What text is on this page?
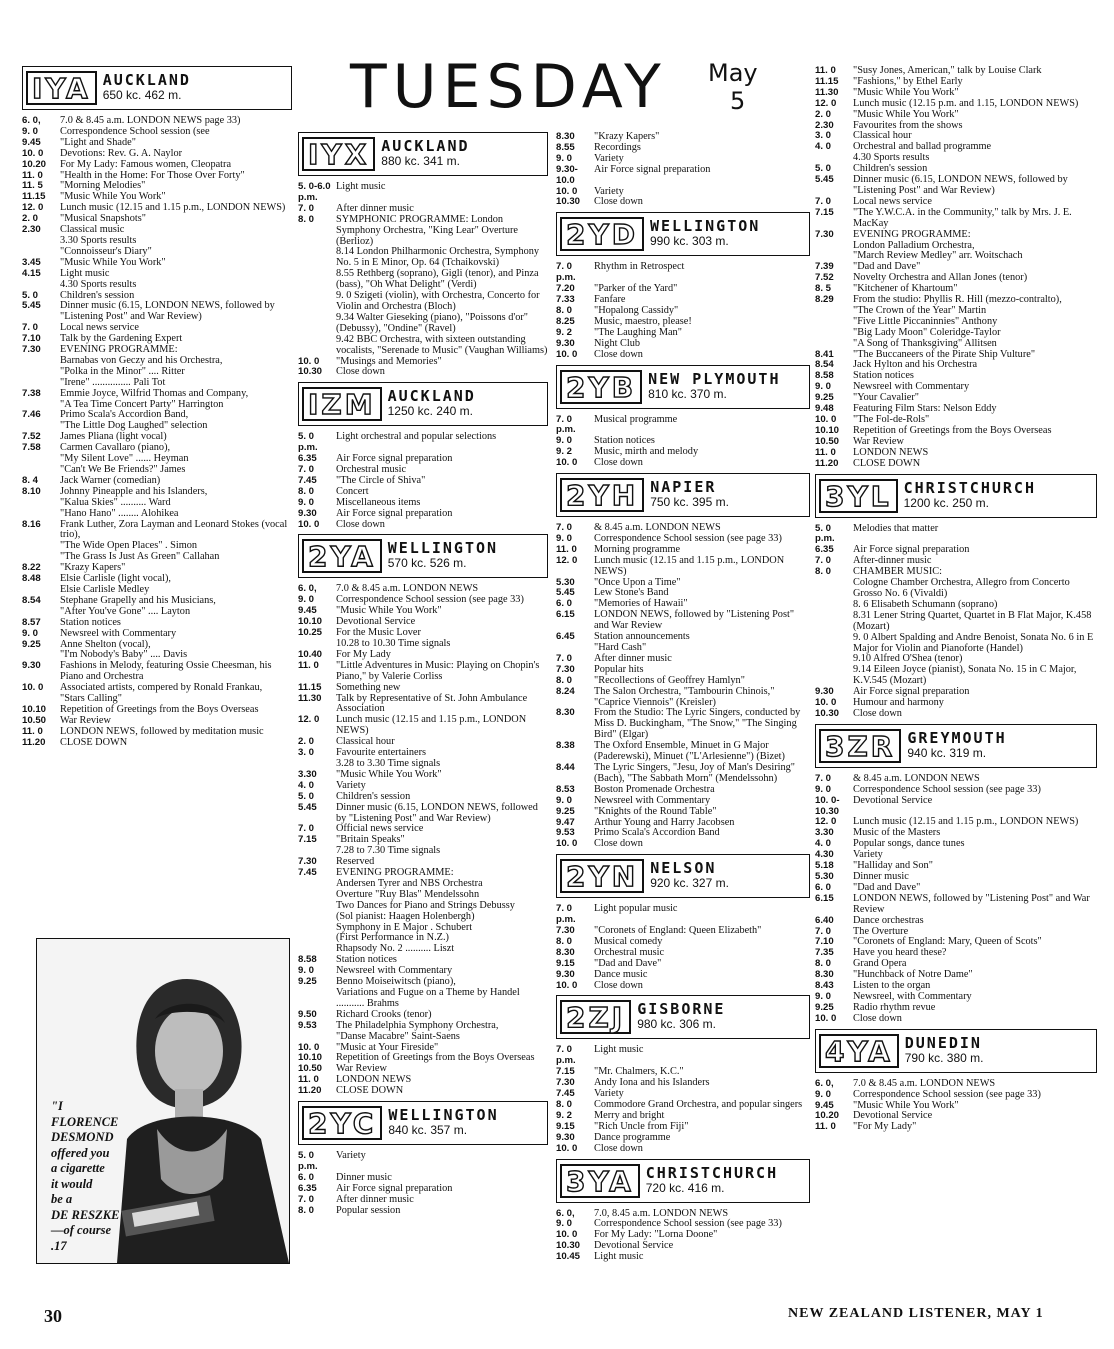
TUESDAY May
5
IYA AUCKLAND
650 kc. 462 m.
6. 0,	7.0 & 8.45 a.m. LONDON NEWS page 33)
9. 0	Correspondence School session (see
9.45	"Light and Shade"
10. 0	Devotions: Rev. G. A. Naylor
10.20	For My Lady: Famous women, Cleopatra
11. 0	"Health in the Home: For Those Over Forty"
11. 5	"Morning Melodies"
11.15	"Music While You Work"
12. 0	Lunch music (12.15 and 1.15 p.m., LONDON NEWS)
2. 0	"Musical Snapshots"
2.30	Classical music
3.30 Sports results
"Connoisseur's Diary"
3.45	"Music While You Work"
4.15	Light music
4.30 Sports results
5. 0	Children's session
5.45	Dinner music (6.15, LONDON NEWS, followed by "Listening Post" and War Review)
7. 0	Local news service
7.10	Talk by the Gardening Expert
7.30	EVENING PROGRAMME:
Barnabas von Geczy and his Orchestra,
"Polka in the Minor" .... Ritter
"Irene" ............... Pali Tot
7.38	Emmie Joyce, Wilfrid Thomas and Company,
"A Tea Time Concert Party" Harrington
7.46	Primo Scala's Accordion Band,
"The Little Dog Laughed" selection
7.52	James Pliana (light vocal)
7.58	Carmen Cavallaro (piano),
"My Silent Love" ...... Heyman
"Can't We Be Friends?" James
8. 4	Jack Warner (comedian)
8.10	Johnny Pineapple and his Islanders,
"Kalua Skies" .......... Ward
"Hano Hano" ........ Alohikea
8.16	Frank Luther, Zora Layman and Leonard Stokes (vocal trio),
"The Wide Open Places" . Simon
"The Grass Is Just As Green" Callahan
8.22	"Krazy Kapers"
8.48	Elsie Carlisle (light vocal),
Elsie Carlisle Medley
8.54	Stephane Grapelly and his Musicians,
"After You've Gone" .... Layton
8.57	Station notices
9. 0	Newsreel with Commentary
9.25	Anne Shelton (vocal),
"I'm Nobody's Baby" .... Davis
9.30	Fashions in Melody, featuring Ossie Cheesman, his Piano and Orchestra
10. 0	Associated artists, compered by Ronald Frankau,
"Stars Calling"
10.10	Repetition of Greetings from the Boys Overseas
10.50	War Review
11. 0	LONDON NEWS, followed by meditation music
11.20	CLOSE DOWN
IYX AUCKLAND
880 kc. 341 m.
5. 0-6.0 p.m.
Light music
7. 0	After dinner music
8. 0	SYMPHONIC PROGRAMME: London Symphony Orchestra, "King Lear" Overture (Berlioz)
8.14 London Philharmonic Orchestra, Symphony No. 5 in E Minor, Op. 64 (Tchaikovski)
8.55 Rethberg (soprano), Gigli (tenor), and Pinza (bass), "Oh What Delight" (Verdi)
9. 0 Szigeti (violin), with Orchestra, Concerto for Violin and Orchestra (Bloch)
9.34 Walter Gieseking (piano), "Poissons d'or" (Debussy), "Ondine" (Ravel)
9.42 BBC Orchestra, with sixteen outstanding vocalists, "Serenade to Music" (Vaughan Williams)
10. 0	"Musings and Memories"
10.30	Close down
IZM AUCKLAND
1250 kc. 240 m.
5. 0 p.m.
Light orchestral and popular selections
6.35	Air Force signal preparation
7. 0	Orchestral music
7.45	"The Circle of Shiva"
8. 0	Concert
9. 0	Miscellaneous items
9.30	Air Force signal preparation
10. 0	Close down
2YA WELLINGTON
570 kc. 526 m.
6. 0,	7.0 & 8.45 a.m. LONDON NEWS
9. 0	Correspondence School session (see page 33)
9.45	"Music While You Work"
10.10	Devotional Service
10.25	For the Music Lover
10.28 to 10.30 Time signals
10.40	For My Lady
11. 0	"Little Adventures in Music: Playing on Chopin's Piano," by Valerie Corliss
11.15	Something new
11.30	Talk by Representative of St. John Ambulance Association
12. 0	Lunch music (12.15 and 1.15 p.m., LONDON NEWS)
2. 0	Classical hour
3. 0	Favourite entertainers
3.28 to 3.30 Time signals
3.30	"Music While You Work"
4. 0	Variety
5. 0	Children's session
5.45	Dinner music (6.15, LONDON NEWS, followed by "Listening Post" and War Review)
7. 0	Official news service
7.15	"Britain Speaks"
7.28 to 7.30 Time signals
7.30	Reserved
7.45	EVENING PROGRAMME:
Andersen Tyrer and NBS Orchestra
Overture "Ruy Blas" Mendelssohn
Two Dances for Piano and Strings Debussy
(Sol pianist: Haagen Holenbergh)
Symphony in E Major . Schubert
(First Performance in N.Z.)
Rhapsody No. 2 .......... Liszt
8.58	Station notices
9. 0	Newsreel with Commentary
9.25	Benno Moiseiwitsch (piano),
Variations and Fugue on a Theme by Handel ........... Brahms
9.50	Richard Crooks (tenor)
9.53	The Philadelphia Symphony Orchestra,
"Danse Macabre" Saint-Saens
10. 0	"Music at Your Fireside"
10.10	Repetition of Greetings from the Boys Overseas
10.50	War Review
11. 0	LONDON NEWS
11.20	CLOSE DOWN
2YC WELLINGTON
840 kc. 357 m.
5. 0 p.m.
Variety
6. 0	Dinner music
6.35	Air Force signal preparation
7. 0	After dinner music
8. 0	Popular session
8.30	"Krazy Kapers"
8.55	Recordings
9. 0	Variety
9.30-10.0
Air Force signal preparation
10. 0	Variety
10.30	Close down
2YD WELLINGTON
990 kc. 303 m.
7. 0 p.m.
Rhythm in Retrospect
7.20	"Parker of the Yard"
7.33	Fanfare
8. 0	"Hopalong Cassidy"
8.25	Music, maestro, please!
9. 2	"The Laughing Man"
9.30	Night Club
10. 0	Close down
2YB NEW PLYMOUTH
810 kc. 370 m.
7. 0 p.m.
Musical programme
9. 0	Station notices
9. 2	Music, mirth and melody
10. 0	Close down
2YH NAPIER
750 kc. 395 m.
7. 0	& 8.45 a.m. LONDON NEWS
9. 0	Correspondence School session (see page 33)
11. 0	Morning programme
12. 0	Lunch music (12.15 and 1.15 p.m., LONDON NEWS)
5.30	"Once Upon a Time"
5.45	Lew Stone's Band
6. 0	"Memories of Hawaii"
6.15	LONDON NEWS, followed by "Listening Post" and War Review
6.45	Station announcements
"Hard Cash"
7. 0	After dinner music
7.30	Popular hits
8. 0	"Recollections of Geoffrey Hamlyn"
8.24	The Salon Orchestra, "Tambourin Chinois," "Caprice Viennois" (Kreisler)
8.30	From the Studio: The Lyric Singers, conducted by Miss D. Buckingham, "The Snow," "The Singing Bird" (Elgar)
8.38	The Oxford Ensemble, Minuet in G Major (Paderewski), Minuet ("L'Arlesienne") (Bizet)
8.44	The Lyric Singers, "Jesu, Joy of Man's Desiring" (Bach), "The Sabbath Morn" (Mendelssohn)
8.53	Boston Promenade Orchestra
9. 0	Newsreel with Commentary
9.25	"Knights of the Round Table"
9.47	Arthur Young and Harry Jacobsen
9.53	Primo Scala's Accordion Band
10. 0	Close down
2YN NELSON
920 kc. 327 m.
7. 0 p.m.
Light popular music
7.30	"Coronets of England: Queen Elizabeth"
8. 0	Musical comedy
8.30	Orchestral music
9.15	"Dad and Dave"
9.30	Dance music
10. 0	Close down
2ZJ GISBORNE
980 kc. 306 m.
7. 0 p.m.
Light music
7.15	"Mr. Chalmers, K.C."
7.30	Andy Iona and his Islanders
7.45	Variety
8. 0	Commodore Grand Orchestra, and popular singers
9. 2	Merry and bright
9.15	"Rich Uncle from Fiji"
9.30	Dance programme
10. 0	Close down
3YA CHRISTCHURCH
720 kc. 416 m.
6. 0,	7.0, 8.45 a.m. LONDON NEWS
9. 0	Correspondence School session (see page 33)
10. 0	For My Lady: "Lorna Doone"
10.30	Devotional Service
10.45	Light music
11. 0	"Susy Jones, American," talk by Louise Clark
11.15	"Fashions," by Ethel Early
11.30	"Music While You Work"
12. 0	Lunch music (12.15 p.m. and 1.15, LONDON NEWS)
2. 0	"Music While You Work"
2.30	Favourites from the shows
3. 0	Classical hour
4. 0	Orchestral and ballad programme
4.30 Sports results
5. 0	Children's session
5.45	Dinner music (6.15, LONDON NEWS, followed by "Listening Post" and War Review)
7. 0	Local news service
7.15	"The Y.W.C.A. in the Community," talk by Mrs. J. E. MacKay
7.30	EVENING PROGRAMME:
London Palladium Orchestra,
"March Review Medley" arr. Woitschach
7.39	"Dad and Dave"
7.52	Novelty Orchestra and Allan Jones (tenor)
8. 5	"Kitchener of Khartoum"
8.29	From the studio: Phyllis R. Hill (mezzo-contralto),
"The Crown of the Year" Martin
"Five Little Piccaninnies" Anthony
"Big Lady Moon" Coleridge-Taylor
"A Song of Thanksgiving" Allitsen
8.41	"The Buccaneers of the Pirate Ship Vulture"
8.54	Jack Hylton and his Orchestra
8.58	Station notices
9. 0	Newsreel with Commentary
9.25	"Your Cavalier"
9.48	Featuring Film Stars: Nelson Eddy
10. 0	"The Fol-de-Rols"
10.10	Repetition of Greetings from the Boys Overseas
10.50	War Review
11. 0	LONDON NEWS
11.20	CLOSE DOWN
3YL CHRISTCHURCH
1200 kc. 250 m.
5. 0 p.m.
Melodies that matter
6.35	Air Force signal preparation
7. 0	After-dinner music
8. 0	CHAMBER MUSIC:
Cologne Chamber Orchestra, Allegro from Concerto Grosso No. 6 (Vivaldi)
8. 6 Elisabeth Schumann (soprano)
8.31 Lener String Quartet, Quartet in B Flat Major, K.458 (Mozart)
9. 0 Albert Spalding and Andre Benoist, Sonata No. 6 in E Major for Violin and Pianoforte (Handel)
9.10 Alfred O'Shea (tenor)
9.14 Eileen Joyce (pianist), Sonata No. 15 in C Major, K.V.545 (Mozart)
9.30	Air Force signal preparation
10. 0	Humour and harmony
10.30	Close down
3ZR GREYMOUTH
940 kc. 319 m.
7. 0	& 8.45 a.m. LONDON NEWS
9. 0	Correspondence School session (see page 33)
10. 0-10.30
Devotional Service
12. 0	Lunch music (12.15 and 1.15 p.m., LONDON NEWS)
3.30	Music of the Masters
4. 0	Popular songs, dance tunes
4.30	Variety
5.18	"Halliday and Son"
5.30	Dinner music
6. 0	"Dad and Dave"
6.15	LONDON NEWS, followed by "Listening Post" and War Review
6.40	Dance orchestras
7. 0	The Overture
7.10	"Coronets of England: Mary, Queen of Scots"
7.35	Have you heard these?
8. 0	Grand Opera
8.30	"Hunchback of Notre Dame"
8.43	Listen to the organ
9. 0	Newsreel, with Commentary
9.25	Radio rhythm revue
10. 0	Close down
4YA DUNEDIN
790 kc. 380 m.
6. 0,	7.0 & 8.45 a.m. LONDON NEWS
9. 0	Correspondence School session (see page 33)
9.45	"Music While You Work"
10.20	Devotional Service
11. 0	"For My Lady"
"I
FLORENCE
DESMOND
offered you
a cigarette
it would
be a
DE RESZKE
—of course
.17
30	NEW ZEALAND LISTENER, MAY 1
